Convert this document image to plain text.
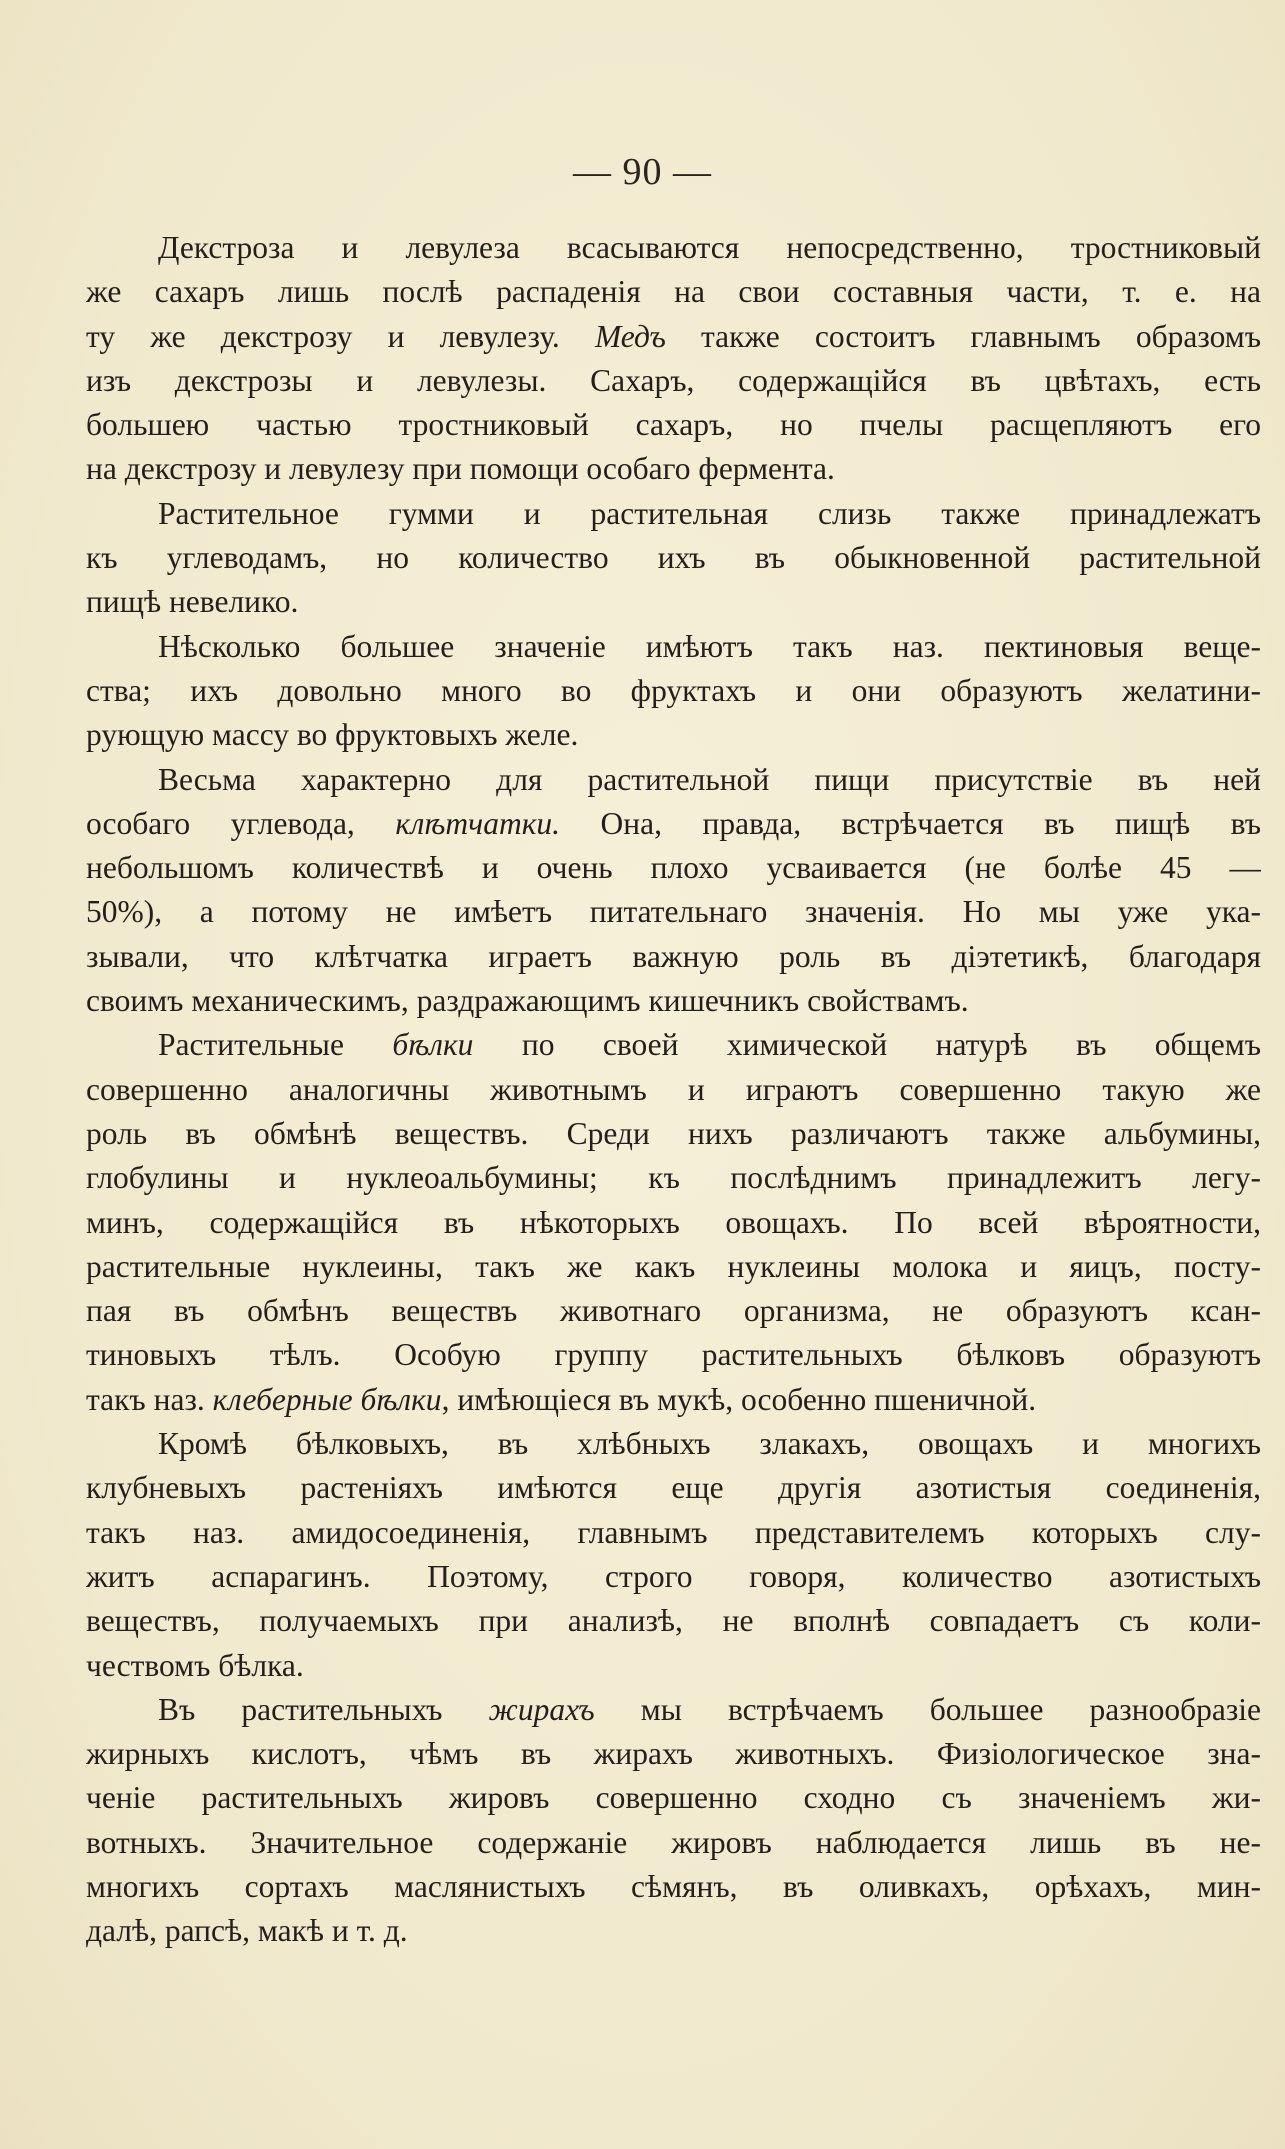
— 90 —
Декстроза и левулеза всасываются непосредственно, тростниковый
же сахаръ лишь послѣ распаденія на свои составныя части, т. е. на
ту же декстрозу и левулезу. Медъ также состоитъ главнымъ образомъ
изъ декстрозы и левулезы. Сахаръ, содержащійся въ цвѣтахъ, есть
большею частью тростниковый сахаръ, но пчелы расщепляютъ его
на декстрозу и левулезу при помощи особаго фермента.
Растительное гумми и растительная слизь также принадлежатъ
къ углеводамъ, но количество ихъ въ обыкновенной растительной
пищѣ невелико.
Нѣсколько большее значеніе имѣютъ такъ наз. пектиновыя веще-
ства; ихъ довольно много во фруктахъ и они образуютъ желатини-
рующую массу во фруктовыхъ желе.
Весьма характерно для растительной пищи присутствіе въ ней
особаго углевода, клѣтчатки. Она, правда, встрѣчается въ пищѣ въ
небольшомъ количествѣ и очень плохо усваивается (не болѣе 45 —
50%), а потому не имѣетъ питательнаго значенія. Но мы уже ука-
зывали, что клѣтчатка играетъ важную роль въ діэтетикѣ, благодаря
своимъ механическимъ, раздражающимъ кишечникъ свойствамъ.
Растительные бѣлки по своей химической натурѣ въ общемъ
совершенно аналогичны животнымъ и играютъ совершенно такую же
роль въ обмѣнѣ веществъ. Среди нихъ различаютъ также альбумины,
глобулины и нуклеоальбумины; къ послѣднимъ принадлежитъ легу-
минъ, содержащійся въ нѣкоторыхъ овощахъ. По всей вѣроятности,
растительные нуклеины, такъ же какъ нуклеины молока и яицъ, посту-
пая въ обмѣнъ веществъ животнаго организма, не образуютъ ксан-
тиновыхъ тѣлъ. Особую группу растительныхъ бѣлковъ образуютъ
такъ наз. клеберные бѣлки, имѣющіеся въ мукѣ, особенно пшеничной.
Кромѣ бѣлковыхъ, въ хлѣбныхъ злакахъ, овощахъ и многихъ
клубневыхъ растеніяхъ имѣются еще другія азотистыя соединенія,
такъ наз. амидосоединенія, главнымъ представителемъ которыхъ слу-
житъ аспарагинъ. Поэтому, строго говоря, количество азотистыхъ
веществъ, получаемыхъ при анализѣ, не вполнѣ совпадаетъ съ коли-
чествомъ бѣлка.
Въ растительныхъ жирахъ мы встрѣчаемъ большее разнообразіе
жирныхъ кислотъ, чѣмъ въ жирахъ животныхъ. Физіологическое зна-
ченіе растительныхъ жировъ совершенно сходно съ значеніемъ жи-
вотныхъ. Значительное содержаніе жировъ наблюдается лишь въ не-
многихъ сортахъ маслянистыхъ сѣмянъ, въ оливкахъ, орѣхахъ, мин-
далѣ, рапсѣ, макѣ и т. д.
